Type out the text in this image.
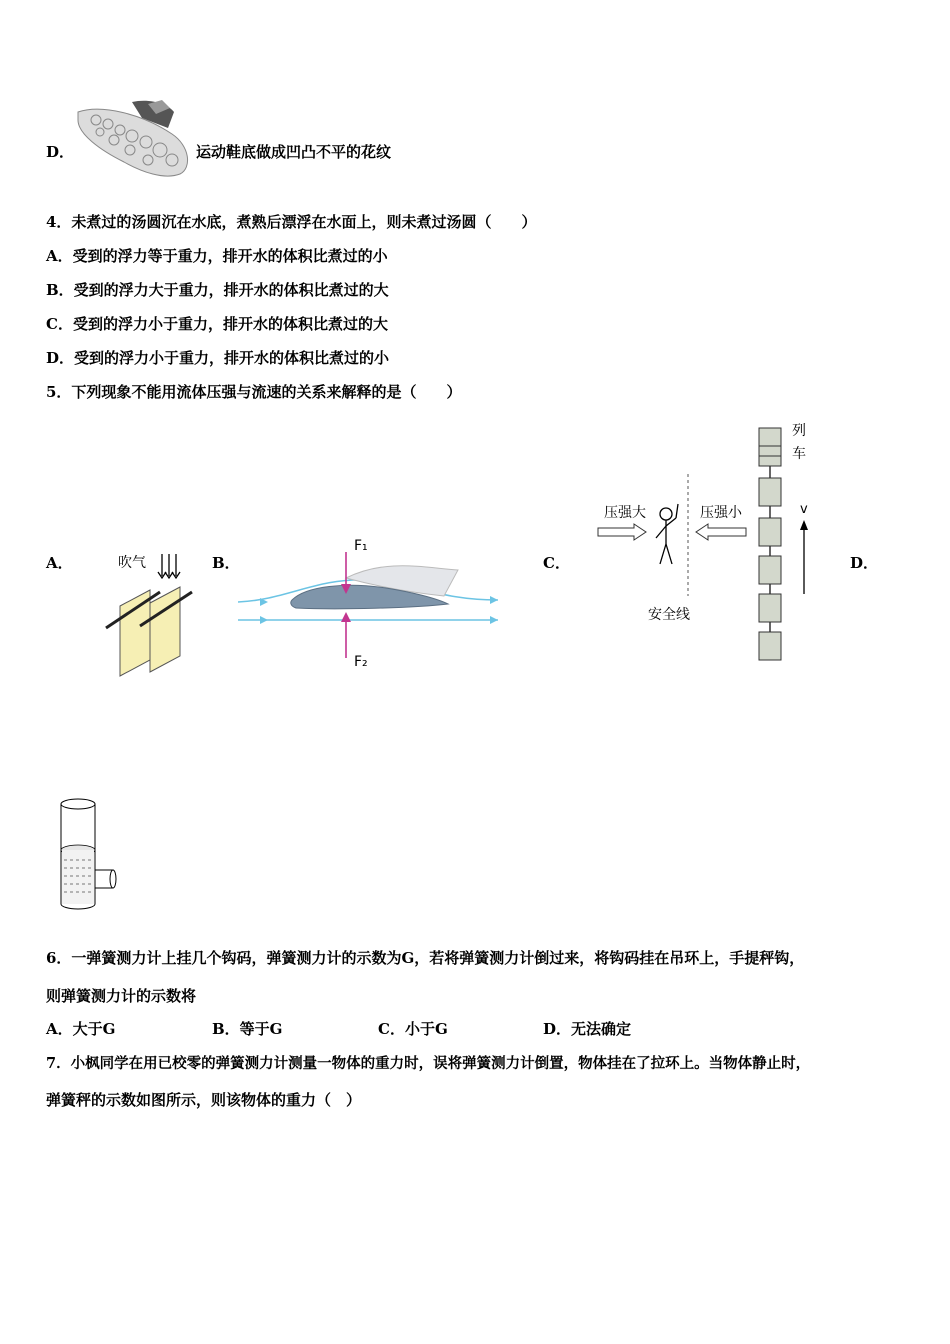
D．	运动鞋底做成凹凸不平的花纹
4．未煮过的汤圆沉在水底，煮熟后漂浮在水面上，则未煮过汤圆（　　）
A．受到的浮力等于重力，排开水的体积比煮过的小
B．受到的浮力大于重力，排开水的体积比煮过的大
C．受到的浮力小于重力，排开水的体积比煮过的大
D．受到的浮力小于重力，排开水的体积比煮过的小
5．下列现象不能用流体压强与流速的关系来解释的是（　　）
A．	吹气	B．
F₁
F₂
C．
列
车
压强大	压强小
安全线
v
D．
6．一弹簧测力计上挂几个钩码，弹簧测力计的示数为G，若将弹簧测力计倒过来，将钩码挂在吊环上，手提秤钩，
则弹簧测力计的示数将
A．大于G	B．等于G	C．小于G	D．无法确定
7．小枫同学在用已校零的弹簧测力计测量一物体的重力时，误将弹簧测力计倒置，物体挂在了拉环上。当物体静止时，
弹簧秤的示数如图所示，则该物体的重力（　）
